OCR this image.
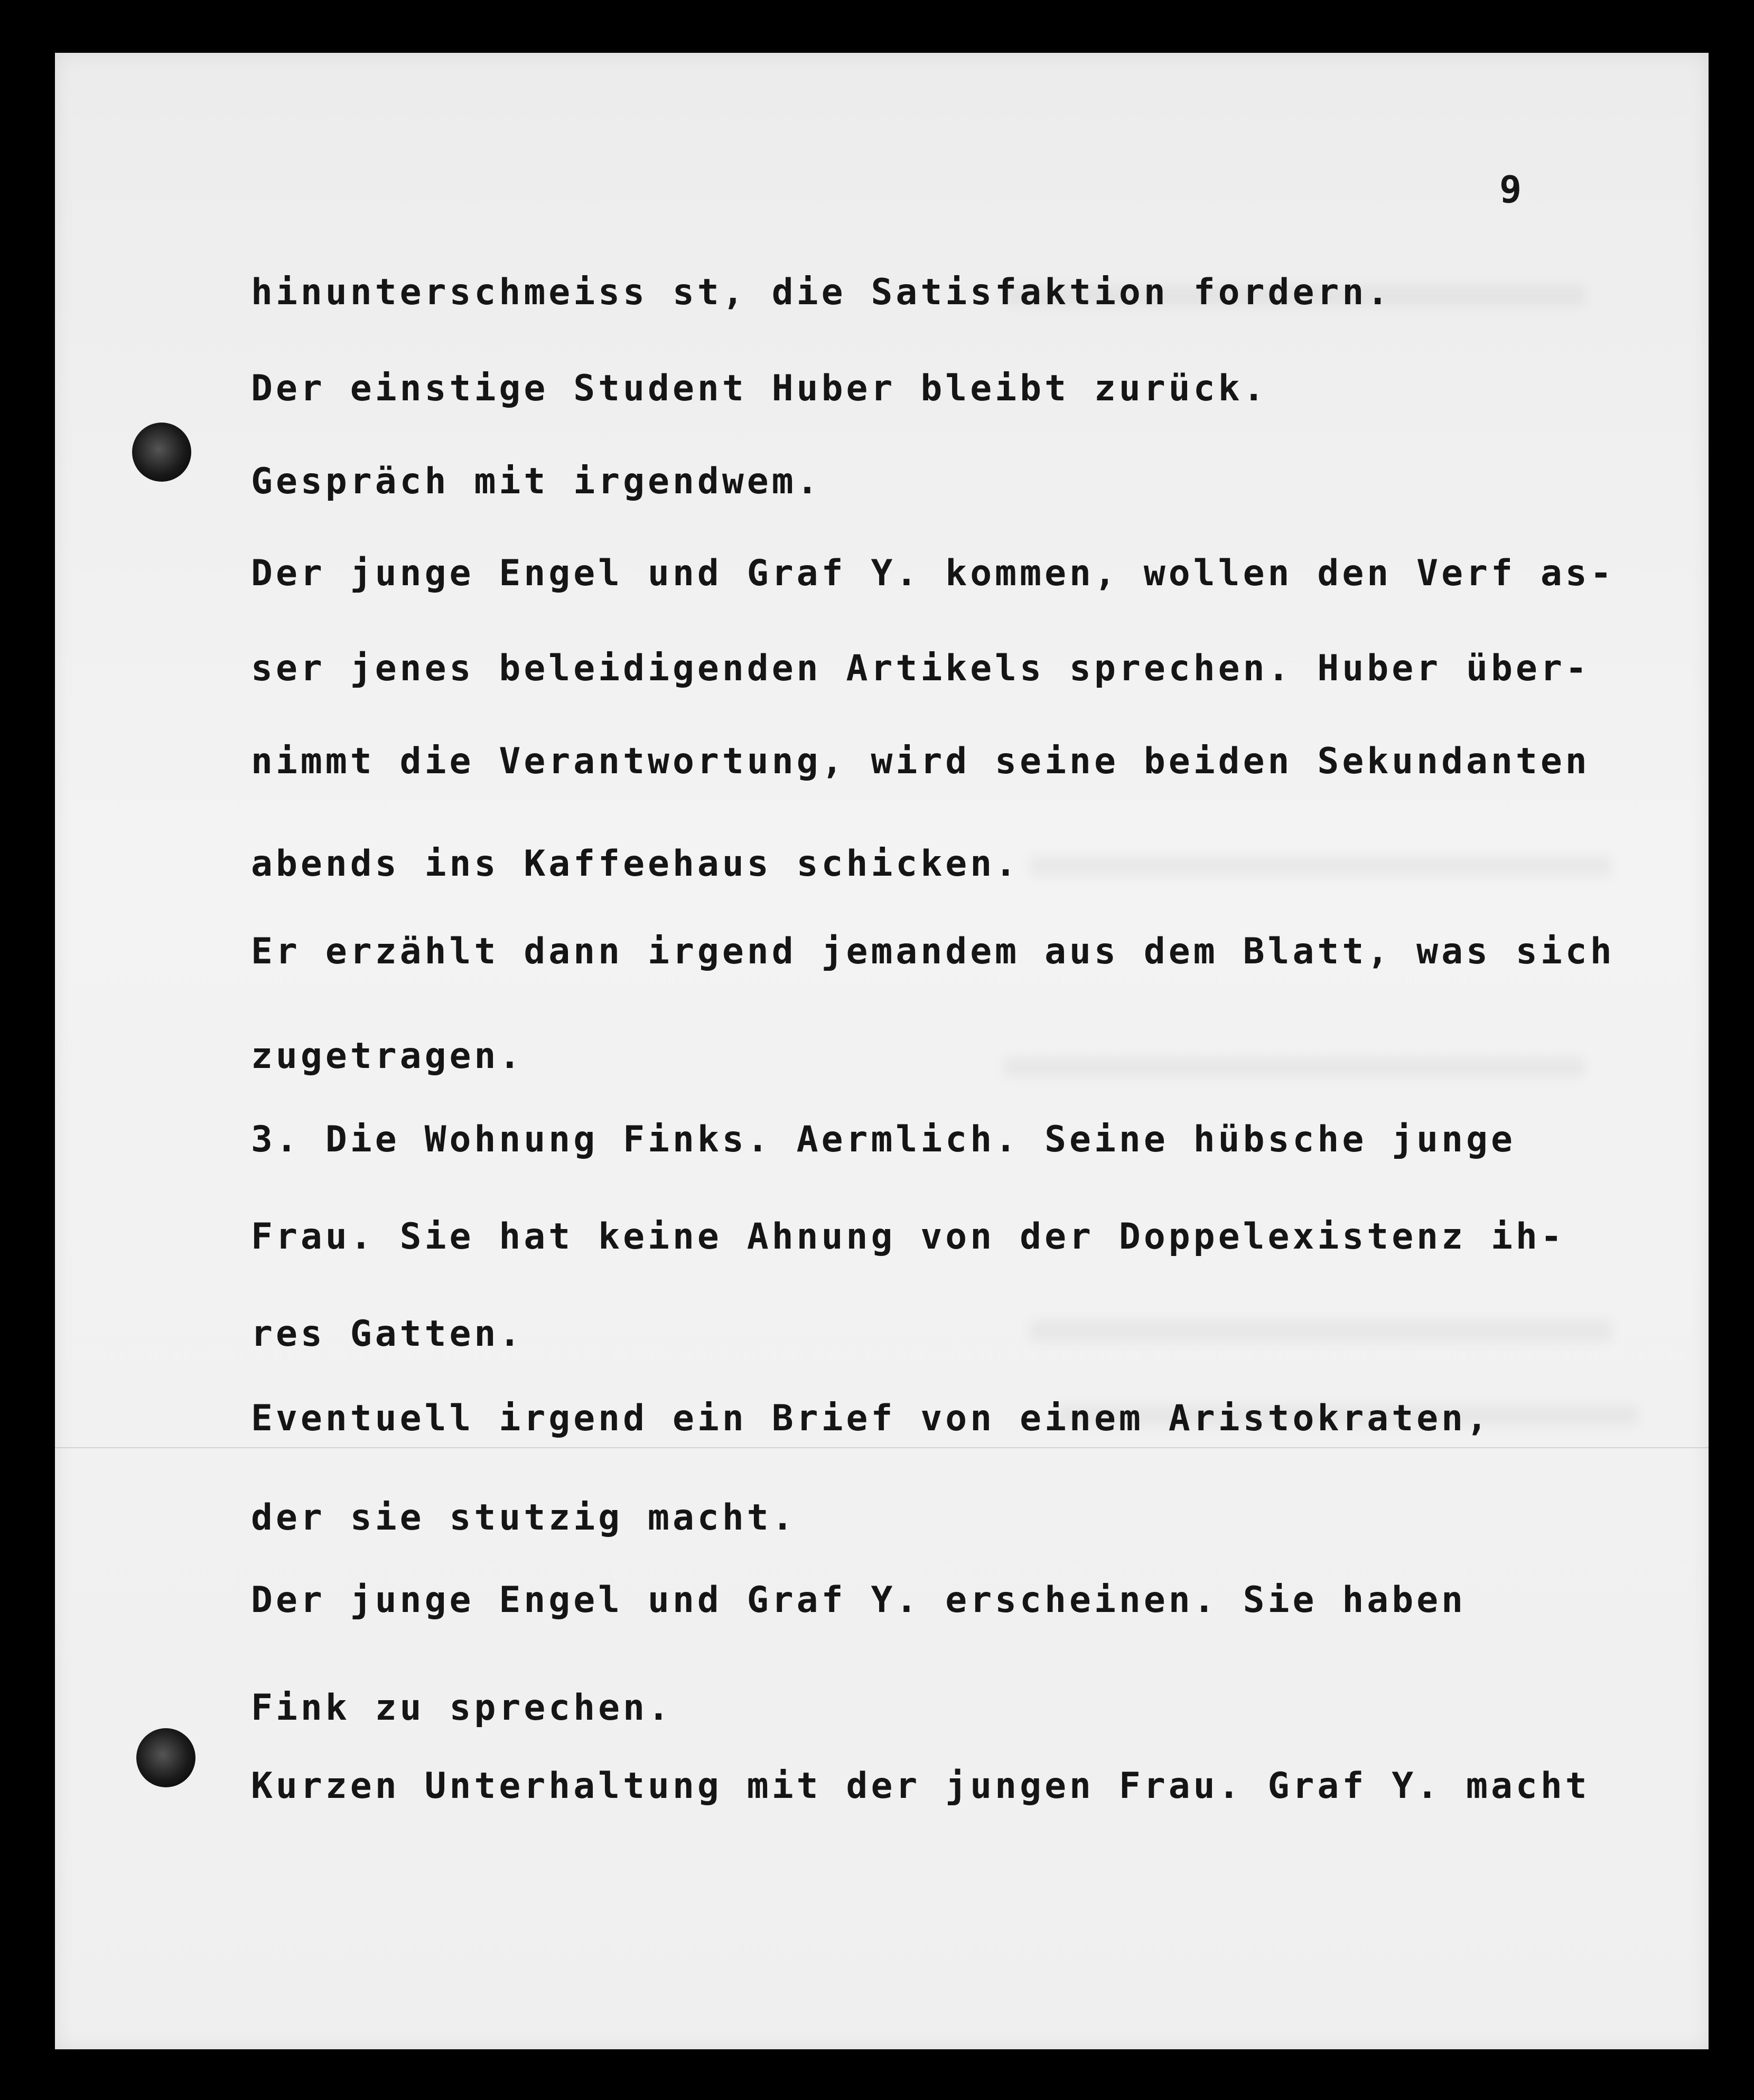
9
hinunterschmeiss st, die Satisfaktion fordern.
Der einstige Student Huber bleibt zurück.
Gespräch mit irgendwem.
Der junge Engel und Graf Y. kommen, wollen den Verf as-
ser jenes beleidigenden Artikels sprechen. Huber über-
nimmt die Verantwortung, wird seine beiden Sekundanten
abends ins Kaffeehaus schicken.
Er erzählt dann irgend jemandem aus dem Blatt, was sich
zugetragen.
3. Die Wohnung Finks. Aermlich. Seine hübsche junge
Frau. Sie hat keine Ahnung von der Doppelexistenz ih-
res Gatten.
Eventuell irgend ein Brief von einem Aristokraten,
der sie stutzig macht.
Der junge Engel und Graf Y. erscheinen. Sie haben
Fink zu sprechen.
Kurzen Unterhaltung mit der jungen Frau. Graf Y. macht
